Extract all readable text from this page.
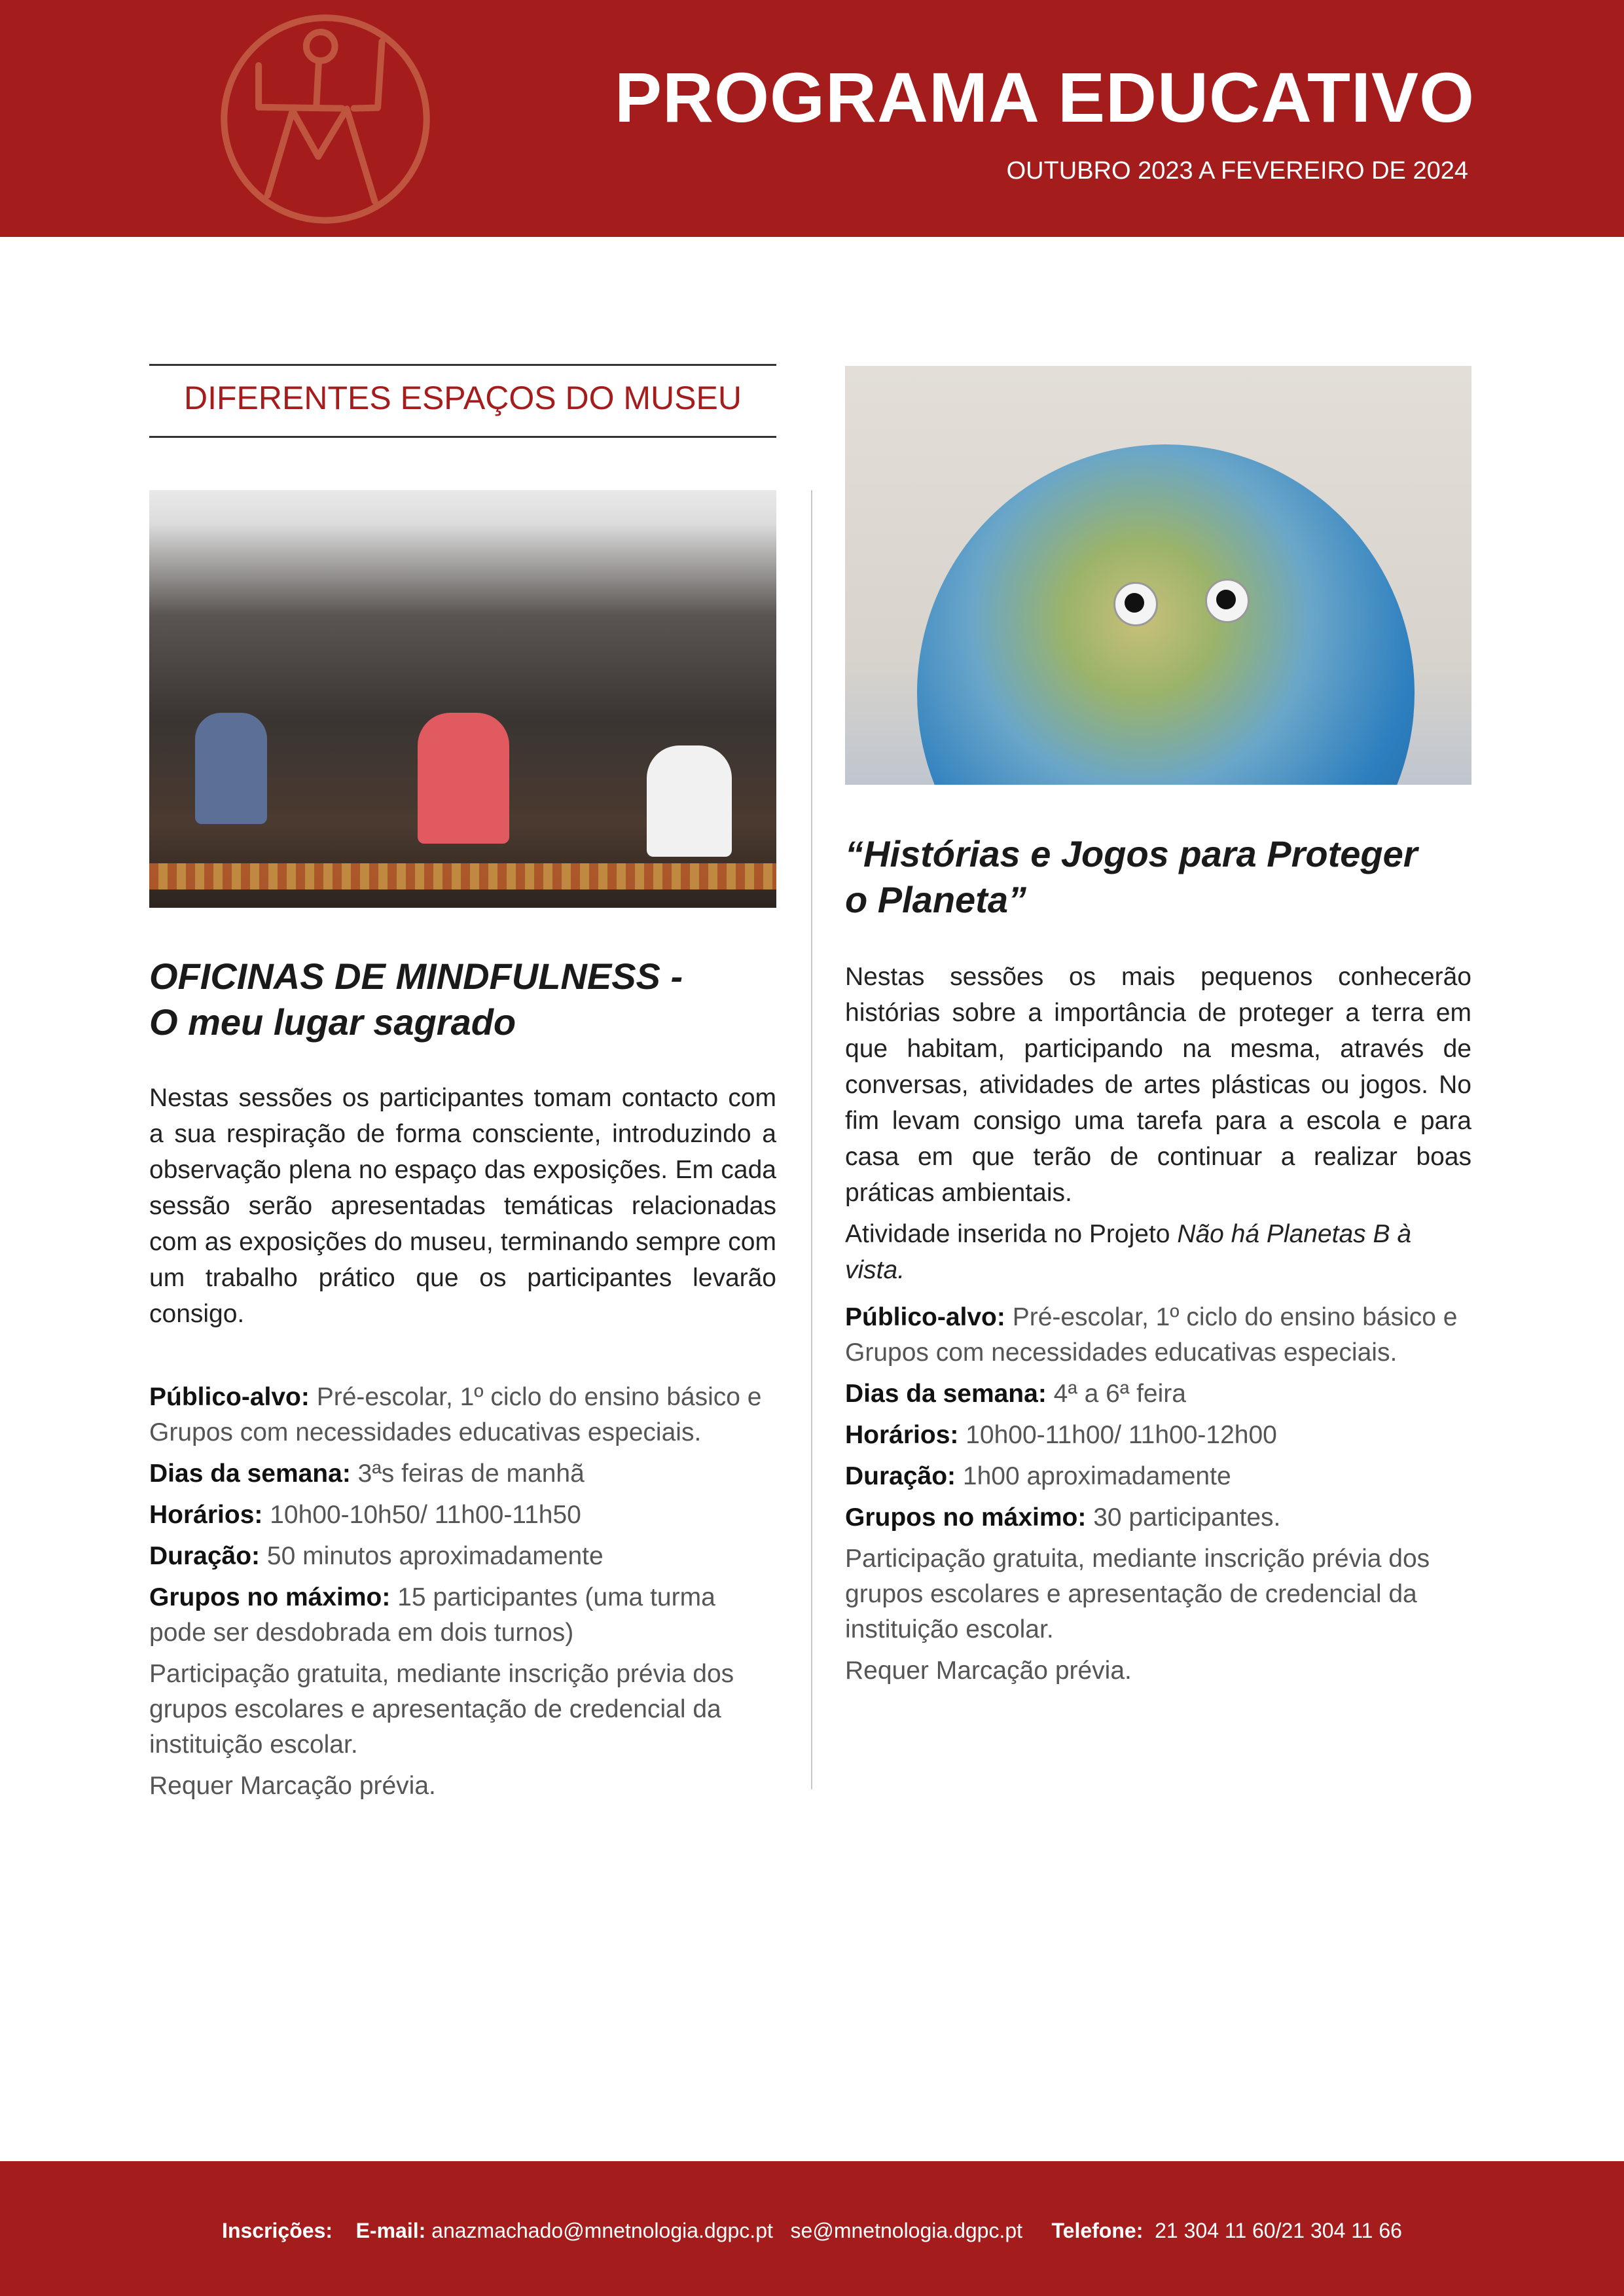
PROGRAMA EDUCATIVO
OUTUBRO 2023 A FEVEREIRO DE 2024
DIFERENTES ESPAÇOS DO MUSEU
OFICINAS DE MINDFULNESS -
O meu lugar sagrado
Nestas sessões os participantes tomam contacto com a sua respiração de forma consciente, introduzindo a observação plena no espaço das exposições. Em cada sessão serão apresentadas temáticas relacionadas com as exposições do museu, terminando sempre com um trabalho prático que os participantes levarão consigo.

Público-alvo: Pré-escolar, 1º ciclo do ensino básico e Grupos com necessidades educativas especiais.

Dias da semana: 3ªs feiras de manhã

Horários: 10h00-10h50/ 11h00-11h50

Duração: 50 minutos aproximadamente

Grupos no máximo: 15 participantes (uma turma pode ser desdobrada em dois turnos)

Participação gratuita, mediante inscrição prévia dos grupos escolares e apresentação de credencial da instituição escolar.

Requer Marcação prévia.

“Histórias e Jogos para Proteger
o Planeta”
Nestas sessões os mais pequenos conhecerão histórias sobre a importância de proteger a terra em que habitam, participando na mesma, através de conversas, atividades de artes plásticas ou jogos. No fim levam consigo uma tarefa para a escola e para casa em que terão de continuar a realizar boas práticas ambientais.
Atividade inserida no Projeto Não há Planetas B à vista.

Público-alvo: Pré-escolar, 1º ciclo do ensino básico e Grupos com necessidades educativas especiais.

Dias da semana: 4ª a 6ª feira

Horários: 10h00-11h00/ 11h00-12h00

Duração: 1h00 aproximadamente

Grupos no máximo: 30 participantes.

Participação gratuita, mediante inscrição prévia dos grupos escolares e apresentação de credencial da instituição escolar.

Requer Marcação prévia.

Inscrições: E-mail: anazmachado@mnetnologia.dgpc.pt se@mnetnologia.dgpc.pt Telefone: 21 304 11 60/21 304 11 66
